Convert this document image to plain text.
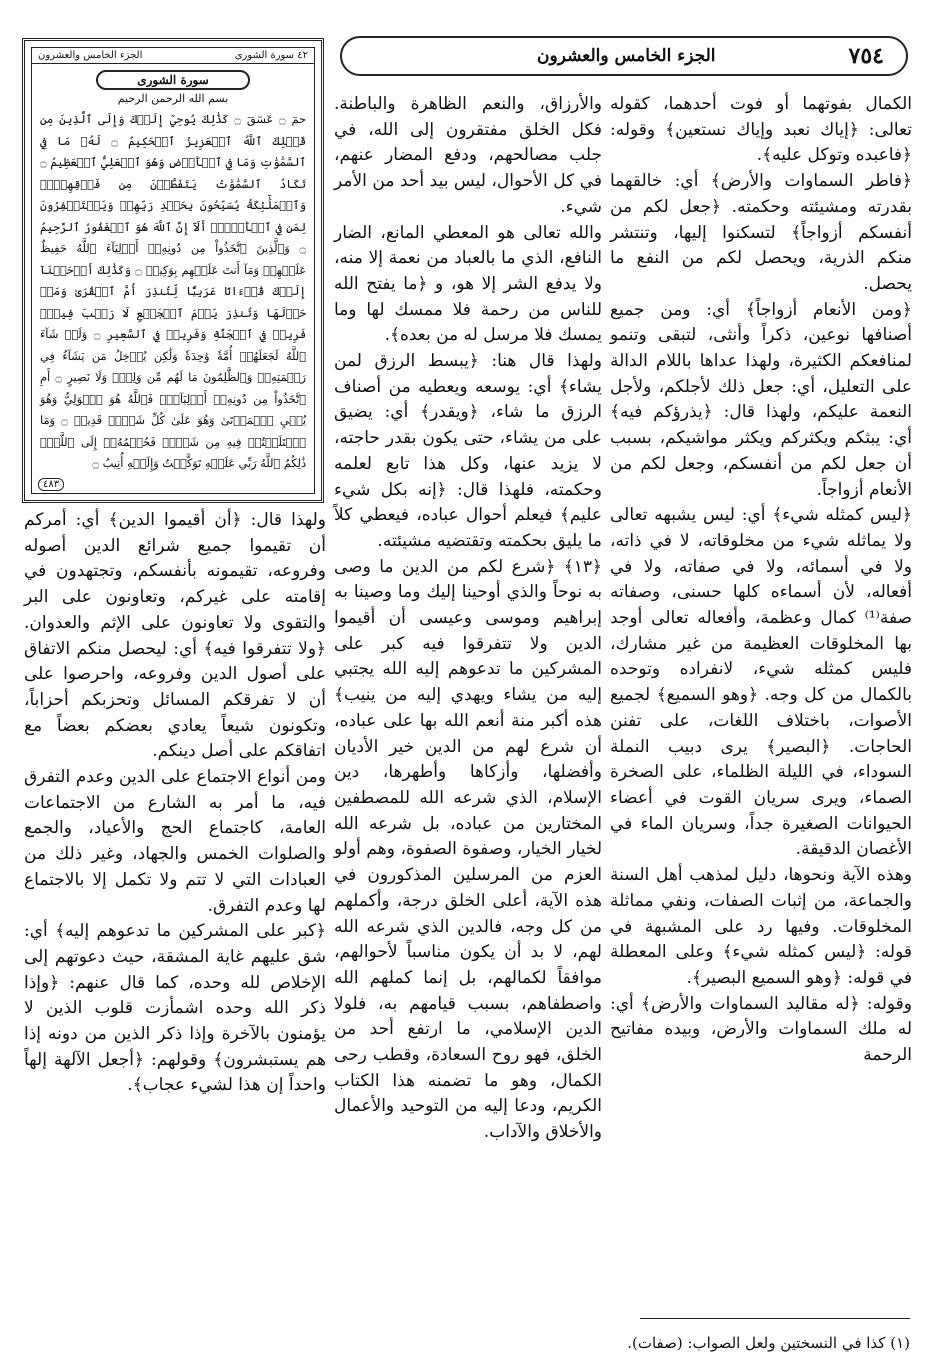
٧٥٤
الجزء الخامس والعشرون
٤٢ سورة الشورى
الجزء الخامس والعشرون
سورة الشورى
بسم الله الرحمن الرحيم
حمٓ ۝ عٓسٓقٓ ۝ كَذَٰلِكَ يُوحِيٓ إِلَيۡكَ وَإِلَى ٱلَّذِينَ مِن قَبۡلِكَ ٱللَّهُ ٱلۡعَزِيزُ ٱلۡحَكِيمُ ۝ لَهُۥ مَا فِي ٱلسَّمَٰوَٰتِ وَمَا فِي ٱلۡأَرۡضِ وَهُوَ ٱلۡعَلِيُّ ٱلۡعَظِيمُ ۝ تَكَادُ ٱلسَّمَٰوَٰتُ يَتَفَطَّرۡنَ مِن فَوۡقِهِنَّۚ وَٱلۡمَلَٰٓئِكَةُ يُسَبِّحُونَ بِحَمۡدِ رَبِّهِمۡ وَيَسۡتَغۡفِرُونَ لِمَن فِي ٱلۡأَرۡضِۗ أَلَآ إِنَّ ٱللَّهَ هُوَ ٱلۡغَفُورُ ٱلرَّحِيمُ ۝ وَٱلَّذِينَ ٱتَّخَذُواْ مِن دُونِهِۦٓ أَوۡلِيَآءَ ٱللَّهُ حَفِيظٌ عَلَيۡهِمۡ وَمَآ أَنتَ عَلَيۡهِم بِوَكِيلٖ ۝ وَكَذَٰلِكَ أَوۡحَيۡنَآ إِلَيۡكَ قُرۡءَانًا عَرَبِيّٗا لِّتُنذِرَ أُمَّ ٱلۡقُرَىٰ وَمَنۡ حَوۡلَهَا وَتُنذِرَ يَوۡمَ ٱلۡجَمۡعِ لَا رَيۡبَ فِيهِۚ فَرِيقٞ فِي ٱلۡجَنَّةِ وَفَرِيقٞ فِي ٱلسَّعِيرِ ۝ وَلَوۡ شَآءَ ٱللَّهُ لَجَعَلَهُمۡ أُمَّةٗ وَٰحِدَةٗ وَلَٰكِن يُدۡخِلُ مَن يَشَآءُ فِي رَحۡمَتِهِۦۚ وَٱلظَّٰلِمُونَ مَا لَهُم مِّن وَلِيّٖ وَلَا نَصِيرٍ ۝ أَمِ ٱتَّخَذُواْ مِن دُونِهِۦٓ أَوۡلِيَآءَۖ فَٱللَّهُ هُوَ ٱلۡوَلِيُّ وَهُوَ يُحۡيِ ٱلۡمَوۡتَىٰ وَهُوَ عَلَىٰ كُلِّ شَيۡءٖ قَدِيرٞ ۝ وَمَا ٱخۡتَلَفۡتُمۡ فِيهِ مِن شَيۡءٖ فَحُكۡمُهُۥٓ إِلَى ٱللَّهِۚ ذَٰلِكُمُ ٱللَّهُ رَبِّي عَلَيۡهِ تَوَكَّلۡتُ وَإِلَيۡهِ أُنِيبُ ۝
٤٨٣

الكمال بفوتهما أو فوت أحدهما، كقوله تعالى: ﴿إياك نعبد وإياك نستعين﴾ وقوله: ﴿فاعبده وتوكل عليه﴾.

﴿فاطر السماوات والأرض﴾ أي: خالقهما بقدرته ومشيئته وحكمته. ﴿جعل لكم من أنفسكم أزواجاً﴾ لتسكنوا إليها، وتنتشر منكم الذرية، ويحصل لكم من النفع ما يحصل.

﴿ومن الأنعام أزواجاً﴾ أي: ومن جميع أصنافها نوعين، ذكراً وأنثى، لتبقى وتنمو لمنافعكم الكثيرة، ولهذا عداها باللام الدالة على التعليل، أي: جعل ذلك لأجلكم، ولأجل النعمة عليكم، ولهذا قال: ﴿يذرؤكم فيه﴾ أي: يبثكم ويكثركم ويكثر مواشيكم، بسبب أن جعل لكم من أنفسكم، وجعل لكم من الأنعام أزواجاً.

﴿ليس كمثله شيء﴾ أي: ليس يشبهه تعالى ولا يماثله شيء من مخلوقاته، لا في ذاته، ولا في أسمائه، ولا في صفاته، ولا في أفعاله، لأن أسماءه كلها حسنى، وصفاته صفة⁽¹⁾ كمال وعظمة، وأفعاله تعالى أوجد بها المخلوقات العظيمة من غير مشارك، فليس كمثله شيء، لانفراده وتوحده بالكمال من كل وجه. ﴿وهو السميع﴾ لجميع الأصوات، باختلاف اللغات، على تفنن الحاجات. ﴿البصير﴾ يرى دبيب النملة السوداء، في الليلة الظلماء، على الصخرة الصماء، ويرى سريان القوت في أعضاء الحيوانات الصغيرة جداً، وسريان الماء في الأغصان الدقيقة.

وهذه الآية ونحوها، دليل لمذهب أهل السنة والجماعة، من إثبات الصفات، ونفي مماثلة المخلوقات. وفيها رد على المشبهة في قوله: ﴿ليس كمثله شيء﴾ وعلى المعطلة في قوله: ﴿وهو السميع البصير﴾.

وقوله: ﴿له مقاليد السماوات والأرض﴾ أي: له ملك السماوات والأرض، وبيده مفاتيح الرحمة

والأرزاق، والنعم الظاهرة والباطنة. فكل الخلق مفتقرون إلى الله، في جلب مصالحهم، ودفع المضار عنهم، في كل الأحوال، ليس بيد أحد من الأمر شيء.

والله تعالى هو المعطي المانع، الضار النافع، الذي ما بالعباد من نعمة إلا منه، ولا يدفع الشر إلا هو، و ﴿ما يفتح الله للناس من رحمة فلا ممسك لها وما يمسك فلا مرسل له من بعده﴾.

ولهذا قال هنا: ﴿يبسط الرزق لمن يشاء﴾ أي: يوسعه ويعطيه من أصناف الرزق ما شاء، ﴿ويقدر﴾ أي: يضيق على من يشاء، حتى يكون بقدر حاجته، لا يزيد عنها، وكل هذا تابع لعلمه وحكمته، فلهذا قال: ﴿إنه بكل شيء عليم﴾ فيعلم أحوال عباده، فيعطي كلاً ما يليق بحكمته وتقتضيه مشيئته.

﴿١٣﴾ ﴿شرع لكم من الدين ما وصى به نوحاً والذي أوحينا إليك وما وصينا به إبراهيم وموسى وعيسى أن أقيموا الدين ولا تتفرقوا فيه كبر على المشركين ما تدعوهم إليه الله يجتبي إليه من يشاء ويهدي إليه من ينيب﴾ هذه أكبر منة أنعم الله بها على عباده، أن شرع لهم من الدين خير الأديان وأفضلها، وأزكاها وأطهرها، دين الإسلام، الذي شرعه الله للمصطفين المختارين من عباده، بل شرعه الله لخيار الخيار، وصفوة الصفوة، وهم أولو العزم من المرسلين المذكورون في هذه الآية، أعلى الخلق درجة، وأكملهم من كل وجه، فالدين الذي شرعه الله لهم، لا بد أن يكون مناسباً لأحوالهم، موافقاً لكمالهم، بل إنما كملهم الله واصطفاهم، بسبب قيامهم به، فلولا الدين الإسلامي، ما ارتفع أحد من الخلق، فهو روح السعادة، وقطب رحى الكمال، وهو ما تضمنه هذا الكتاب الكريم، ودعا إليه من التوحيد والأعمال والأخلاق والآداب.

ولهذا قال: ﴿أن أقيموا الدين﴾ أي: أمركم أن تقيموا جميع شرائع الدين أصوله وفروعه، تقيمونه بأنفسكم، وتجتهدون في إقامته على غيركم، وتعاونون على البر والتقوى ولا تعاونون على الإثم والعدوان. ﴿ولا تتفرقوا فيه﴾ أي: ليحصل منكم الاتفاق على أصول الدين وفروعه، واحرصوا على أن لا تفرقكم المسائل وتحزبكم أحزاباً، وتكونون شيعاً يعادي بعضكم بعضاً مع اتفاقكم على أصل دينكم.

ومن أنواع الاجتماع على الدين وعدم التفرق فيه، ما أمر به الشارع من الاجتماعات العامة، كاجتماع الحج والأعياد، والجمع والصلوات الخمس والجهاد، وغير ذلك من العبادات التي لا تتم ولا تكمل إلا بالاجتماع لها وعدم التفرق.

﴿كبر على المشركين ما تدعوهم إليه﴾ أي: شق عليهم غاية المشقة، حيث دعوتهم إلى الإخلاص لله وحده، كما قال عنهم: ﴿وإذا ذكر الله وحده اشمأزت قلوب الذين لا يؤمنون بالآخرة وإذا ذكر الذين من دونه إذا هم يستبشرون﴾ وقولهم: ﴿أجعل الآلهة إلهاً واحداً إن هذا لشيء عجاب﴾.

(١) كذا في النسختين ولعل الصواب: (صفات).
